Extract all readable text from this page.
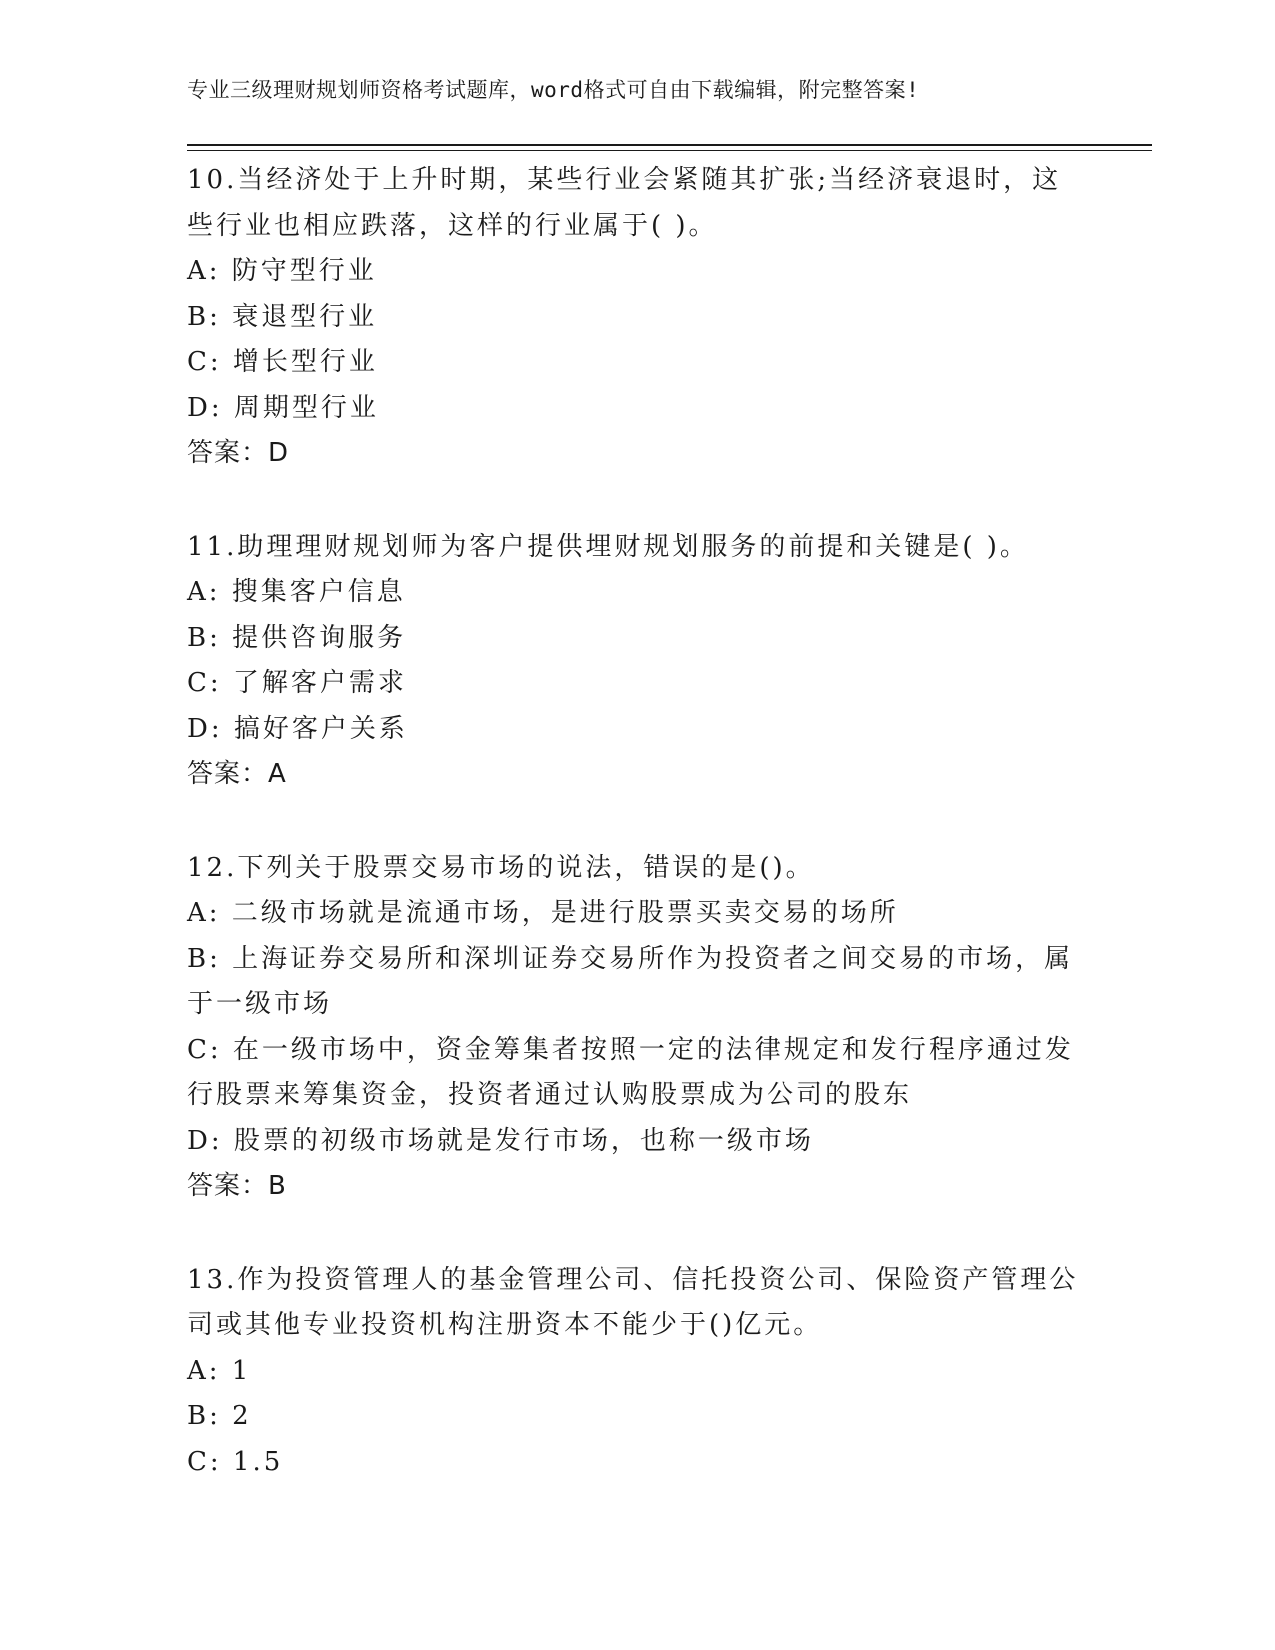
专业三级理财规划师资格考试题库，word格式可自由下载编辑，附完整答案!
10.当经济处于上升时期，某些行业会紧随其扩张;当经济衰退时，这
些行业也相应跌落，这样的行业属于( )。
A: 防守型行业
B: 衰退型行业
C: 增长型行业
D: 周期型行业
答案：D
11.助理理财规划师为客户提供埋财规划服务的前提和关键是( )。
A: 搜集客户信息
B: 提供咨询服务
C: 了解客户需求
D: 搞好客户关系
答案：A
12.下列关于股票交易市场的说法，错误的是()。
A: 二级市场就是流通市场，是进行股票买卖交易的场所
B: 上海证券交易所和深圳证券交易所作为投资者之间交易的市场，属
于一级市场
C: 在一级市场中，资金筹集者按照一定的法律规定和发行程序通过发
行股票来筹集资金，投资者通过认购股票成为公司的股东
D: 股票的初级市场就是发行市场，也称一级市场
答案：B
13.作为投资管理人的基金管理公司、信托投资公司、保险资产管理公
司或其他专业投资机构注册资本不能少于()亿元。
A: 1
B: 2
C: 1.5
